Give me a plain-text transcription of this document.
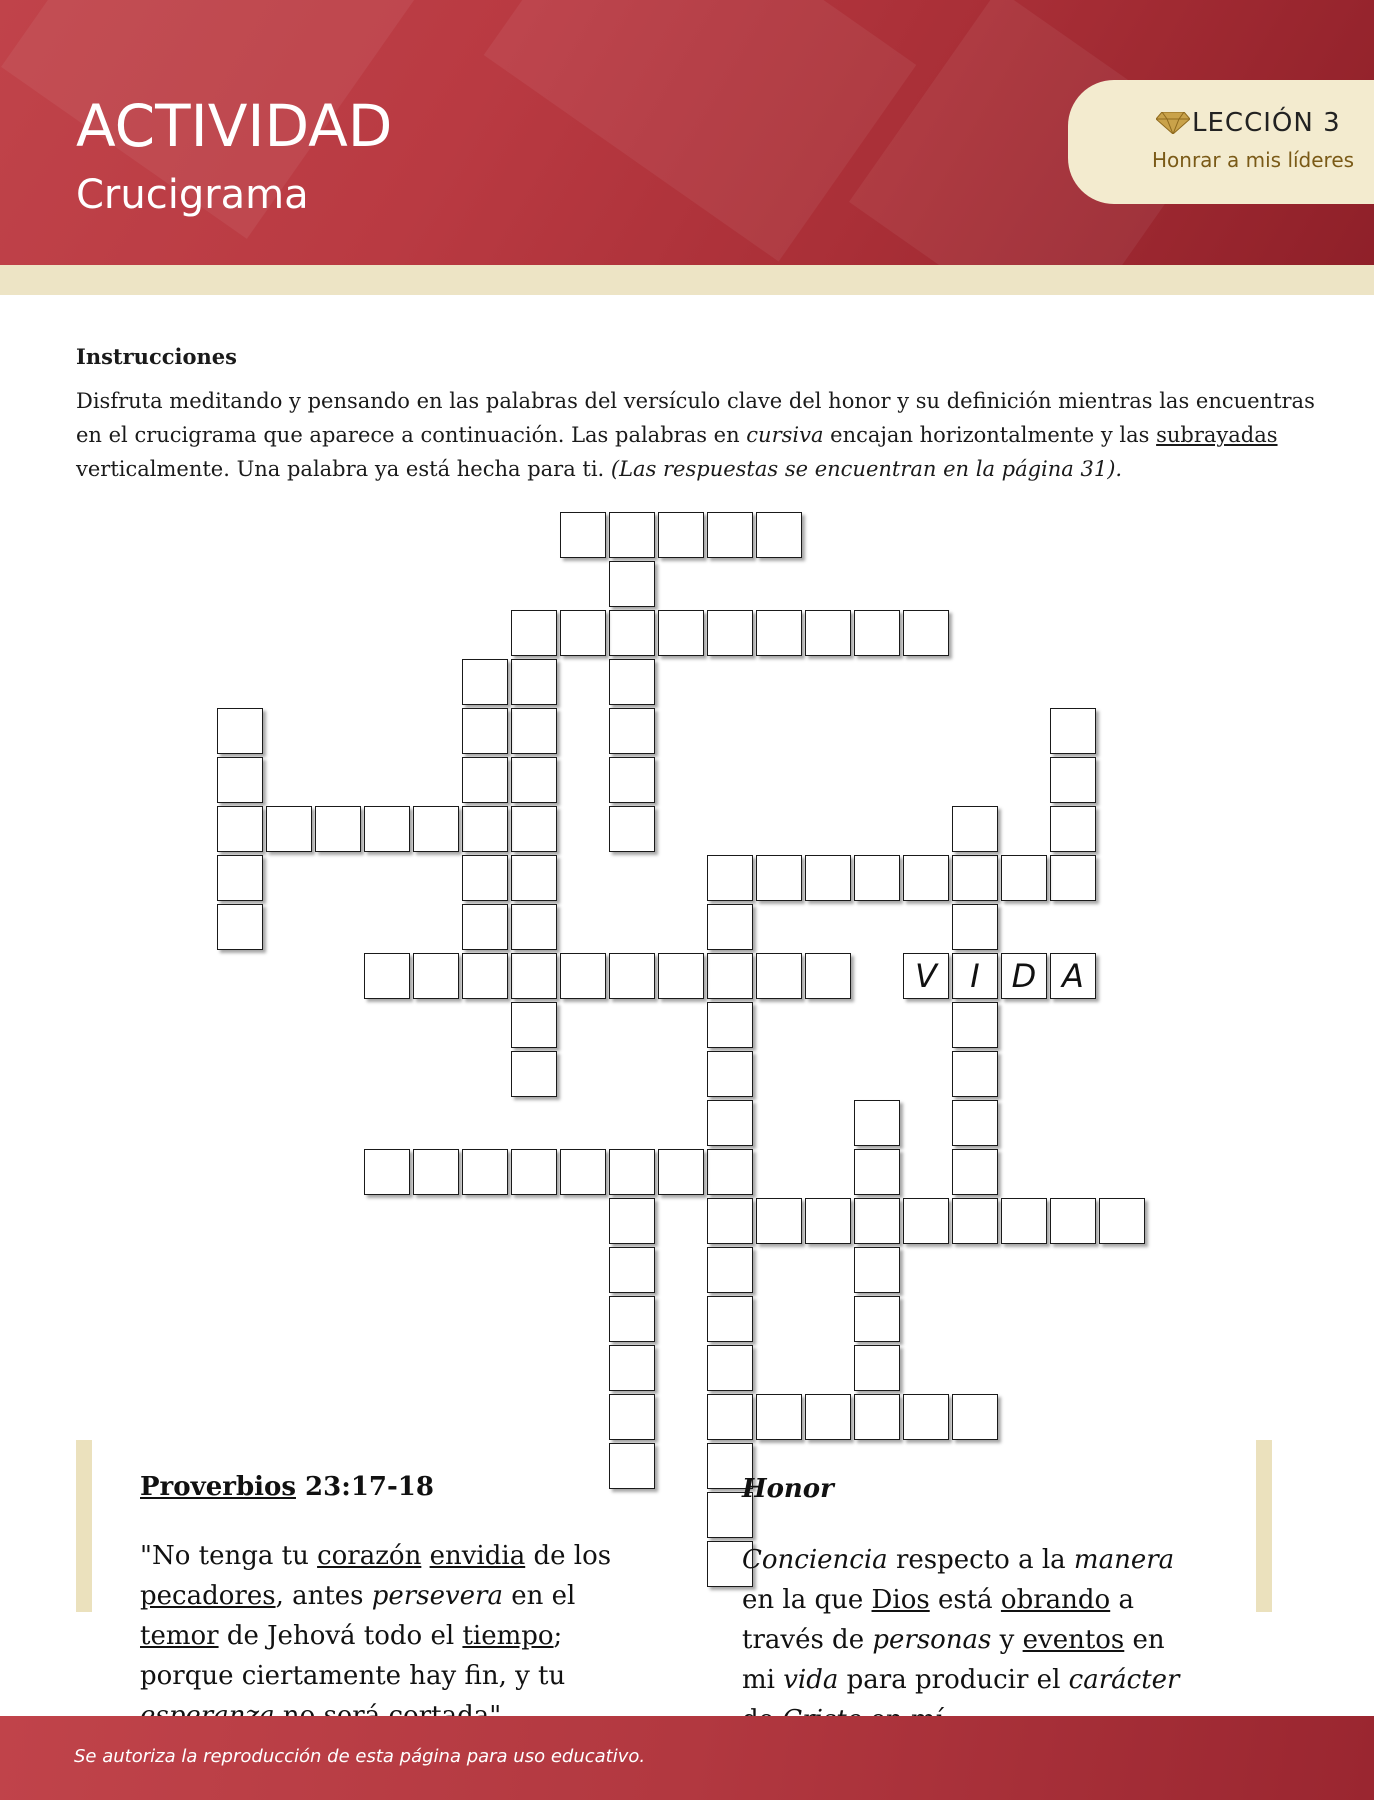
ACTIVIDAD
Crucigrama
LECCIÓN 3
Honrar a mis líderes
Instrucciones
Disfruta meditando y pensando en las palabras del versículo clave del honor y su definición mientras las encuentras en el crucigrama que aparece a continuación. Las palabras en cursiva encajan horizontalmente y las subrayadas verticalmente. Una palabra ya está hecha para ti. (Las respuestas se encuentran en la página 31).
I
V	D A
Proverbios 23:17-18
"No tenga tu corazón envidia de los pecadores, antes persevera en el temor de Jehová todo el tiempo; porque ciertamente hay fin, y tu
Honor
Conciencia respecto a la manera en la que Dios está obrando a través de personas y eventos en mi vida para producir el carácter
Se autoriza la reproducción de esta página para uso educativo.
